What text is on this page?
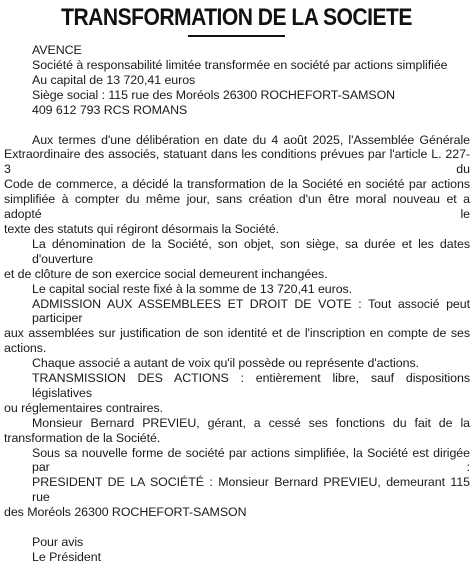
TRANSFORMATION DE LA SOCIETE
AVENCE
Société à responsabilité limitée transformée en société par actions simplifiée
Au capital de 13 720,41 euros
Siège social : 115 rue des Moréols 26300 ROCHEFORT-SAMSON
409 612 793 RCS ROMANS
Aux termes d'une délibération en date du 4 août 2025, l'Assemblée Générale
Extraordinaire des associés, statuant dans les conditions prévues par l'article L. 227-3 du
Code de commerce, a décidé la transformation de la Société en société par actions
simplifiée à compter du même jour, sans création d'un être moral nouveau et a adopté le
texte des statuts qui régiront désormais la Société.
La dénomination de la Société, son objet, son siège, sa durée et les dates d'ouverture
et de clôture de son exercice social demeurent inchangées.
Le capital social reste fixé à la somme de 13 720,41 euros.
ADMISSION AUX ASSEMBLEES ET DROIT DE VOTE : Tout associé peut participer
aux assemblées sur justification de son identité et de l'inscription en compte de ses actions.
Chaque associé a autant de voix qu'il possède ou représente d'actions.
TRANSMISSION DES ACTIONS : entièrement libre, sauf dispositions législatives
ou réglementaires contraires.
Monsieur Bernard PREVIEU, gérant, a cessé ses fonctions du fait de la
transformation de la Société.
Sous sa nouvelle forme de société par actions simplifiée, la Société est dirigée par :
PRESIDENT DE LA SOCIÉTÉ : Monsieur Bernard PREVIEU, demeurant 115 rue
des Moréols 26300 ROCHEFORT-SAMSON
Pour avis
Le Président
